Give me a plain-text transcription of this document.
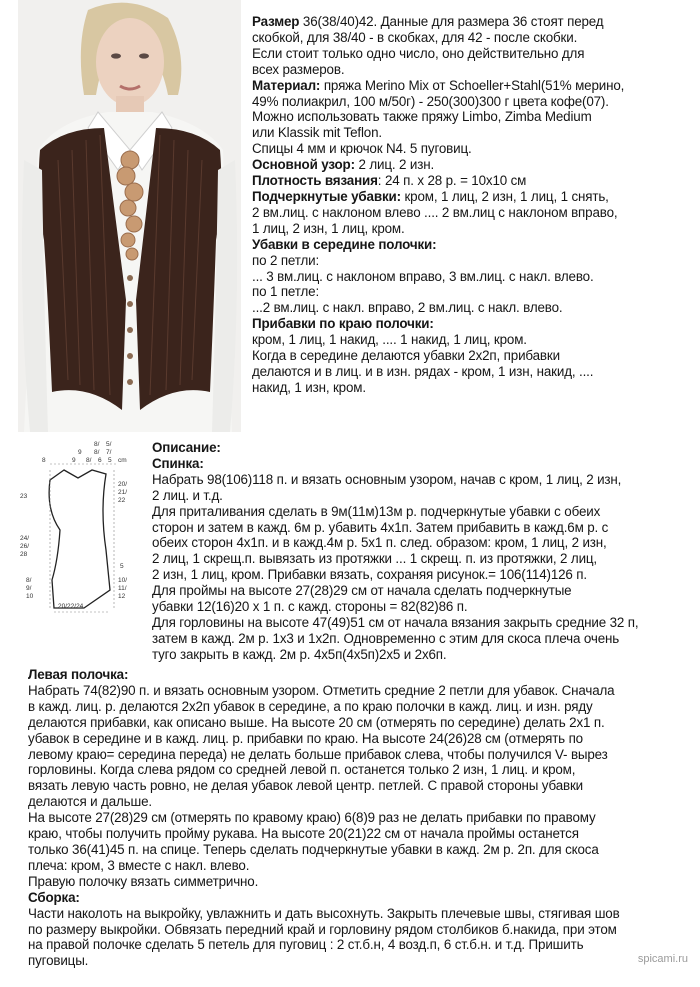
Размер 36(38/40)42. Данные для размера 36 стоят перед

скобкой, для 38/40 - в скобках, для 42 - после скобки.

Если стоит только одно число, оно действительно для

всех размеров.

Материал: пряжа Merino Mix от Schoeller+Stahl(51% мерино,

49% полиакрил, 100 м/50г) - 250(300)300 г цвета кофе(07).

Можно использовать также пряжу Limbo, Zimba Medium

или Klassik mit Teflon.

Спицы 4 мм и крючок N4. 5 пуговиц.

Основной узор: 2 лиц. 2 изн.

Плотность вязания: 24 п. х 28 р. = 10х10 см

Подчеркнутые убавки: кром, 1 лиц, 2 изн, 1 лиц, 1 снять,

2 вм.лиц. с наклоном влево .... 2 вм.лиц с наклоном вправо,

1 лиц, 2 изн, 1 лиц, кром.

Убавки в середине полочки:

по 2 петли:

... 3 вм.лиц. с наклоном вправо, 3 вм.лиц. с накл. влево.

по 1 петле:

...2 вм.лиц. с накл. вправо, 2 вм.лиц. с накл. влево.

Прибавки по краю полочки:

кром, 1 лиц, 1 накид, .... 1 накид, 1 лиц, кром.

Когда в середине делаются убавки 2х2п, прибавки

делаются и в лиц. и в изн. рядах - кром, 1 изн, накид, ....

накид, 1 изн, кром.

8/ 5/
9 8/ 7/
cm
9 8/ 6 5
8
23
20/
21/
22
24/
26/
28
5
10/
11/
12
8/
9/
10
20/22/24

Описание:

Спинка:

Набрать 98(106)118 п. и вязать основным узором, начав с кром, 1 лиц, 2 изн,

2 лиц. и т.д.

Для приталивания сделать в 9м(11м)13м р. подчеркнутые убавки с обеих

сторон и затем в кажд. 6м р. убавить 4х1п. Затем прибавить в кажд.6м р. с

обеих сторон 4х1п. и в кажд.4м р. 5х1 п. след. образом: кром, 1 лиц, 2 изн,

2 лиц, 1 скрещ.п. вывязать из протяжки ... 1 скрещ. п. из протяжки, 2 лиц,

2 изн, 1 лиц, кром. Прибавки вязать, сохраняя рисунок.= 106(114)126 п.

Для проймы на высоте 27(28)29 см от начала сделать подчеркнутые

убавки 12(16)20 х 1 п. с кажд. стороны = 82(82)86 п.

Для горловины на высоте 47(49)51 см от начала вязания закрыть средние 32 п,

затем в кажд. 2м р. 1х3 и 1х2п. Одновременно с этим для скоса плеча очень

туго закрыть в кажд. 2м р. 4х5п(4х5п)2х5 и 2х6п.

Левая полочка:

Набрать 74(82)90 п. и вязать основным узором. Отметить средние 2 петли для убавок. Сначала

в кажд. лиц. р. делаются 2х2п убавок в середине, а по краю полочки в кажд. лиц. и изн. ряду

делаются прибавки, как описано выше. На высоте 20 см (отмерять по середине) делать 2х1 п.

убавок в середине и в кажд. лиц. р. прибавки по краю. На высоте 24(26)28 см (отмерять по

левому краю= середина переда) не делать больше прибавок слева, чтобы получился V- вырез

горловины. Когда слева рядом со средней левой п. останется только 2 изн, 1 лиц. и кром,

вязать левую часть ровно, не делая убавок левой центр. петлей. С правой стороны убавки

делаются и дальше.

На высоте 27(28)29 см (отмерять по кравому краю) 6(8)9 раз не делать прибавки по правому

краю, чтобы получить пройму рукава. На высоте 20(21)22 см от начала проймы останется

только 36(41)45 п. на спице. Теперь сделать подчеркнутые убавки в кажд. 2м р. 2п. для скоса

плеча: кром, 3 вместе с накл. влево.

Правую полочку вязать симметрично.

Сборка:

Части наколоть на выкройку, увлажнить и дать высохнуть. Закрыть плечевые швы, стягивая шов

по размеру выкройки. Обвязать передний край и горловину рядом столбиков б.накида, при этом

на правой полочке сделать 5 петель для пуговиц : 2 ст.б.н, 4 возд.п, 6 ст.б.н. и т.д. Пришить

пуговицы.	spicami.ru
